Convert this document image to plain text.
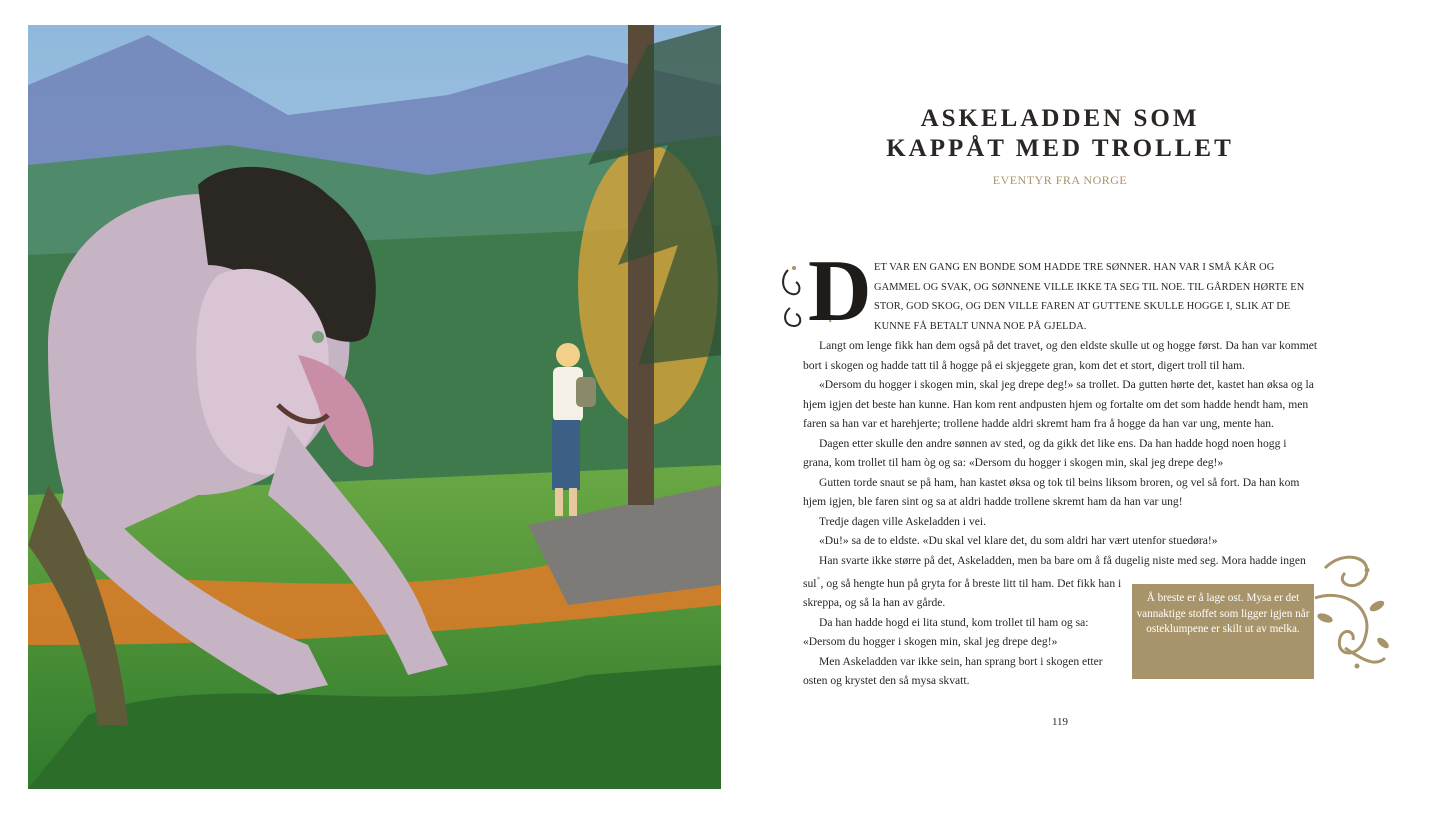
ASKELADDEN SOM
KAPPÅT MED TROLLET
EVENTYR FRA NORGE
D ET VAR EN GANG EN BONDE SOM HADDE TRE SØNNER. HAN VAR I SMÅ KÅR OG GAMMEL OG SVAK, OG SØNNENE VILLE IKKE TA SEG TIL NOE. TIL GÅRDEN HØRTE EN STOR, GOD SKOG, OG DEN VILLE FAREN AT GUTTENE SKULLE HOGGE I, SLIK AT DE KUNNE FÅ BETALT UNNA NOE PÅ GJELDA.

Langt om lenge fikk han dem også på det travet, og den eldste skulle ut og hogge først. Da han var kommet bort i skogen og hadde tatt til å hogge på ei skjeggete gran, kom det et stort, digert troll til ham.

«Dersom du hogger i skogen min, skal jeg drepe deg!» sa trollet. Da gutten hørte det, kastet han øksa og la hjem igjen det beste han kunne. Han kom rent andpusten hjem og fortalte om det som hadde hendt ham, men faren sa han var et harehjerte; trollene hadde aldri skremt ham fra å hogge da han var ung, mente han.

Dagen etter skulle den andre sønnen av sted, og da gikk det like ens. Da han hadde hogd noen hogg i grana, kom trollet til ham òg og sa: «Dersom du hogger i skogen min, skal jeg drepe deg!»

Gutten torde snaut se på ham, han kastet øksa og tok til beins liksom broren, og vel så fort. Da han kom hjem igjen, ble faren sint og sa at aldri hadde trollene skremt ham da han var ung!

Tredje dagen ville Askeladden i vei.

«Du!» sa de to eldste. «Du skal vel klare det, du som aldri har vært utenfor stuedøra!»

Han svarte ikke større på det, Askeladden, men ba bare om å få dugelig niste med seg. Mora hadde ingen

sul*, og så hengte hun på gryta for å breste litt til ham. Det fikk han i skreppa, og så la han av gårde.

Da han hadde hogd ei lita stund, kom trollet til ham og sa: «Dersom du hogger i skogen min, skal jeg drepe deg!»

Men Askeladden var ikke sein, han sprang bort i skogen etter osten og krystet den så mysa skvatt.

Å breste er å lage ost. Mysa er det vannaktige stoffet som ligger igjen når osteklumpene er skilt ut av melka.
119
